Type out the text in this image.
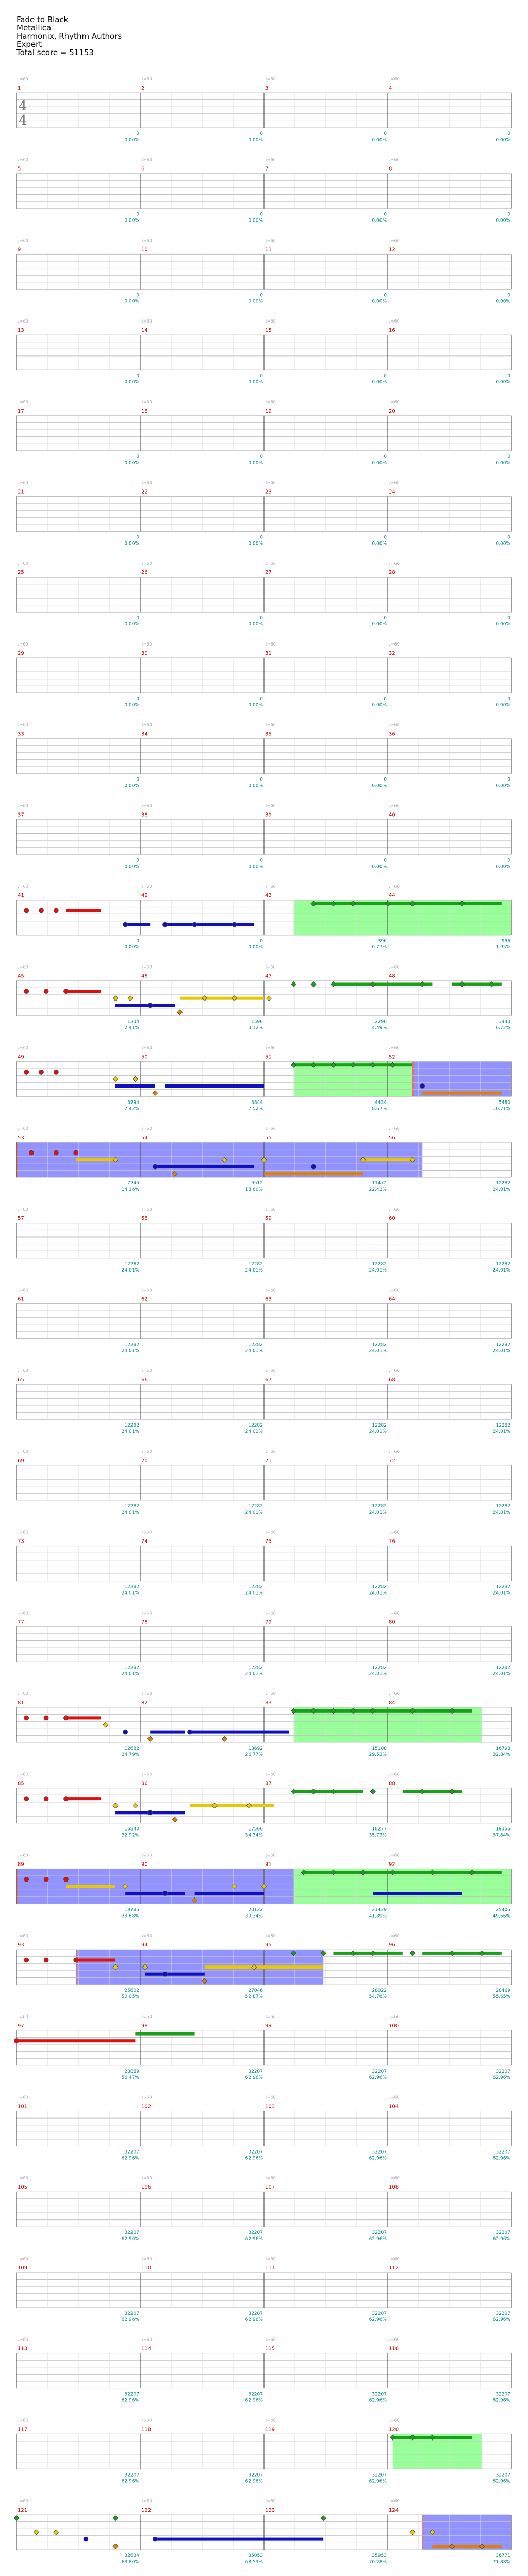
Fade to Black
Metallica
Harmonix, Rhythm Authors
Expert
Total score = 51153
♩=60	♩=60	♩=60	♩=60
1
0
0.00%
2
0
0.00%
3
0
0.00%
4
0
0.00%
4
4
♩=60	♩=60	♩=60	♩=60
5
0
0.00%
6
0
0.00%
7
0
0.00%
8
0
0.00%
♩=60	♩=60	♩=60	♩=60
9
0
0.00%
10
0
0.00%
11
0
0.00%
12
0
0.00%
♩=60	♩=60	♩=60	♩=60
13
0
0.00%
14
0
0.00%
15
0
0.00%
16
0
0.00%
♩=60	♩=60	♩=60	♩=60
17
0
0.00%
18
0
0.00%
19
0
0.00%
20
0
0.00%
♩=60	♩=60	♩=60	♩=60
21
0
0.00%
22
0
0.00%
23
0
0.00%
24
0
0.00%
♩=60	♩=60	♩=60	♩=60
25
0
0.00%
26
0
0.00%
27
0
0.00%
28
0
0.00%
♩=60	♩=60	♩=60	♩=60
29
0
0.00%
30
0
0.00%
31
0
0.00%
32
0
0.00%
♩=60	♩=60	♩=60	♩=60
33
0
0.00%
34
0
0.00%
35
0
0.00%
36
0
0.00%
♩=60	♩=60	♩=60	♩=60
37
0
0.00%
38
0
0.00%
39
0
0.00%
40
0
0.00%
♩=60	♩=60	♩=60	♩=60
41
0
0.00%
42
0
0.00%
43
396
0.77%
44
996
1.95%
♩=60	♩=60	♩=60	♩=60
45
1234
2.41%
46
1596
3.12%
47
2296
4.49%
48
3440
6.72%
♩=60	♩=60	♩=60	♩=60
49
3794
7.42%
50
3844
7.52%
51
4434
8.67%
52
5480
10.71%
♩=60	♩=60	♩=60	♩=60
53
7245
14.16%
54
9512
18.60%
55
11472
22.43%
56
12282
24.01%
♩=60	♩=60	♩=60	♩=60
57
12282
24.01%
58
12282
24.01%
59
12282
24.01%
60
12282
24.01%
♩=60	♩=60	♩=60	♩=60
61
12282
24.01%
62
12282
24.01%
63
12282
24.01%
64
12282
24.01%
♩=60	♩=60	♩=60	♩=60
65
12282
24.01%
66
12282
24.01%
67
12282
24.01%
68
12282
24.01%
♩=60	♩=60	♩=60	♩=60
69
12282
24.01%
70
12282
24.01%
71
12282
24.01%
72
12282
24.01%
♩=60	♩=60	♩=60	♩=60
73
12282
24.01%
74
12282
24.01%
75
12282
24.01%
76
12282
24.01%
♩=60	♩=60	♩=60	♩=60
77
12282
24.01%
78
12282
24.01%
79
12282
24.01%
80
12282
24.01%
♩=60	♩=60	♩=60	♩=60
81
12682
24.79%
82
13692
26.77%
83
15108
29.53%
84
16798
32.84%
♩=60	♩=60	♩=60	♩=60
85
16840
32.92%
86
17566
34.34%
87
18277
35.73%
88
19356
37.84%
♩=60	♩=60	♩=60	♩=60
89
19785
38.68%
90
20122
39.34%
91
21429
41.89%
92
25405
49.66%
♩=60	♩=60	♩=60	♩=60
93
25602
50.05%
94
27046
52.87%
95
28022
54.78%
96
28469
55.65%
♩=60	♩=60	♩=60	♩=60
97
28889
56.47%
98
32207
62.96%
99
32207
62.96%
100
32207
62.96%
♩=60	♩=60	♩=60	♩=60
101
32207
62.96%
102
32207
62.96%
103
32207
62.96%
104
32207
62.96%
♩=60	♩=60	♩=60	♩=60
105
32207
62.96%
106
32207
62.96%
107
32207
62.96%
108
32207
62.96%
♩=60	♩=60	♩=60	♩=60
109
32207
62.96%
110
32207
62.96%
111
32207
62.96%
112
32207
62.96%
♩=60	♩=60	♩=60	♩=60
113
32207
62.96%
114
32207
62.96%
115
32207
62.96%
116
32207
62.96%
♩=60	♩=60	♩=60	♩=60
117
32207
62.96%
118
32207
62.96%
119
32207
62.96%
120
32207
62.96%
♩=60	♩=60	♩=60	♩=60
121
32634
63.80%
122
35053
68.53%
123
35953
70.28%
124
36771
71.88%
